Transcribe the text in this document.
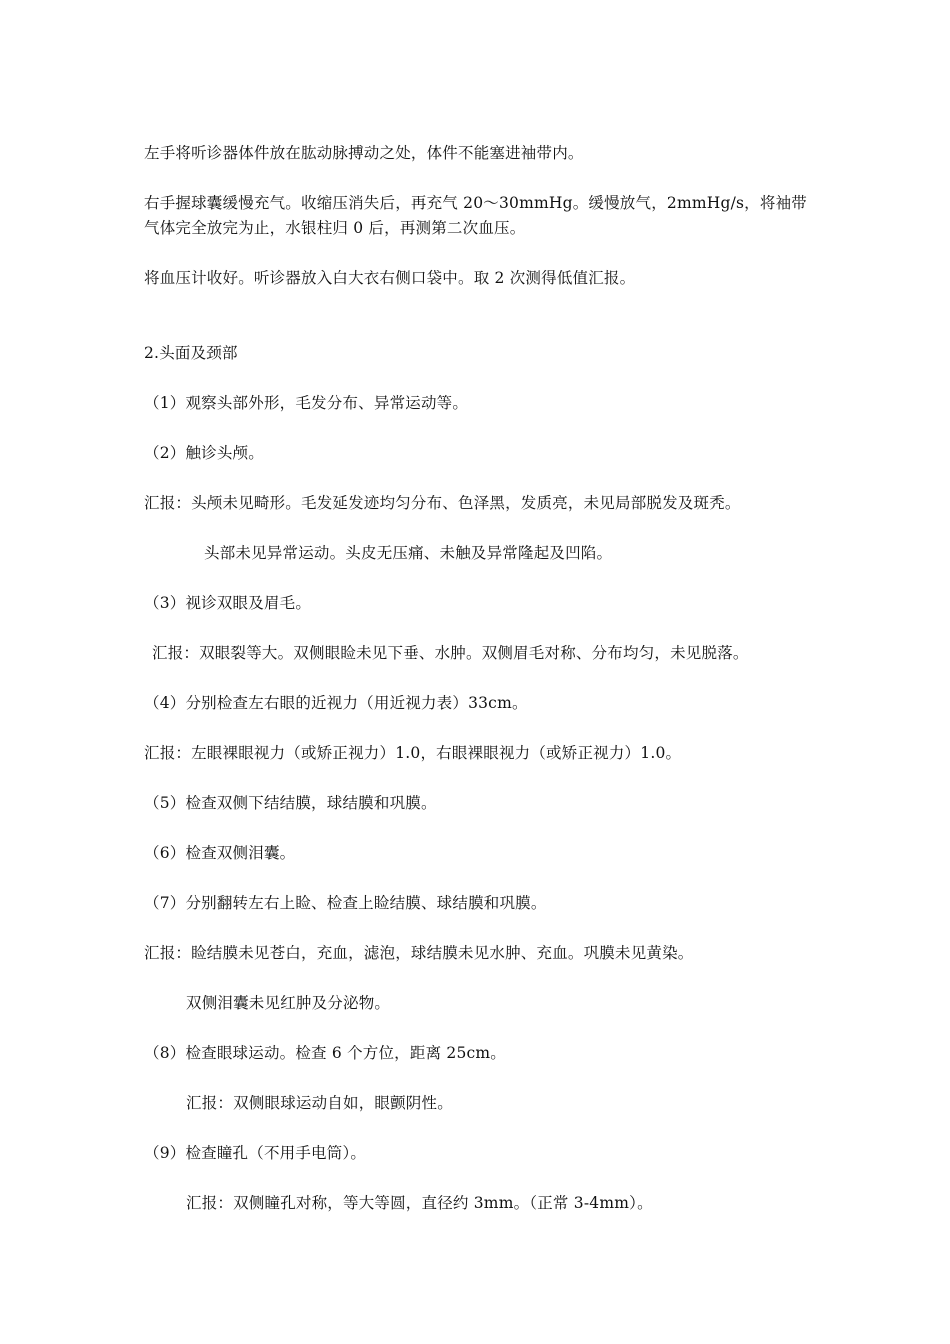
左手将听诊器体件放在肱动脉搏动之处，体件不能塞进袖带内。
右手握球囊缓慢充气。收缩压消失后，再充气 20～30mmHg。缓慢放气，2mmHg/s，将袖带
气体完全放完为止，水银柱归 0 后，再测第二次血压。
将血压计收好。听诊器放入白大衣右侧口袋中。取 2 次测得低值汇报。
2.头面及颈部
（1）观察头部外形，毛发分布、异常运动等。
（2）触诊头颅。
汇报：头颅未见畸形。毛发延发迹均匀分布、色泽黑，发质亮，未见局部脱发及斑秃。
头部未见异常运动。头皮无压痛、未触及异常隆起及凹陷。
（3）视诊双眼及眉毛。
汇报：双眼裂等大。双侧眼睑未见下垂、水肿。双侧眉毛对称、分布均匀，未见脱落。
（4）分别检查左右眼的近视力（用近视力表）33cm。
汇报：左眼裸眼视力（或矫正视力）1.0，右眼裸眼视力（或矫正视力）1.0。
（5）检查双侧下结结膜，球结膜和巩膜。
（6）检查双侧泪囊。
（7）分别翻转左右上睑、检查上睑结膜、球结膜和巩膜。
汇报：睑结膜未见苍白，充血，滤泡，球结膜未见水肿、充血。巩膜未见黄染。
双侧泪囊未见红肿及分泌物。
（8）检查眼球运动。检查 6 个方位，距离 25cm。
汇报：双侧眼球运动自如，眼颤阴性。
（9）检查瞳孔（不用手电筒）。
汇报：双侧瞳孔对称，等大等圆，直径约 3mm。（正常 3-4mm）。
